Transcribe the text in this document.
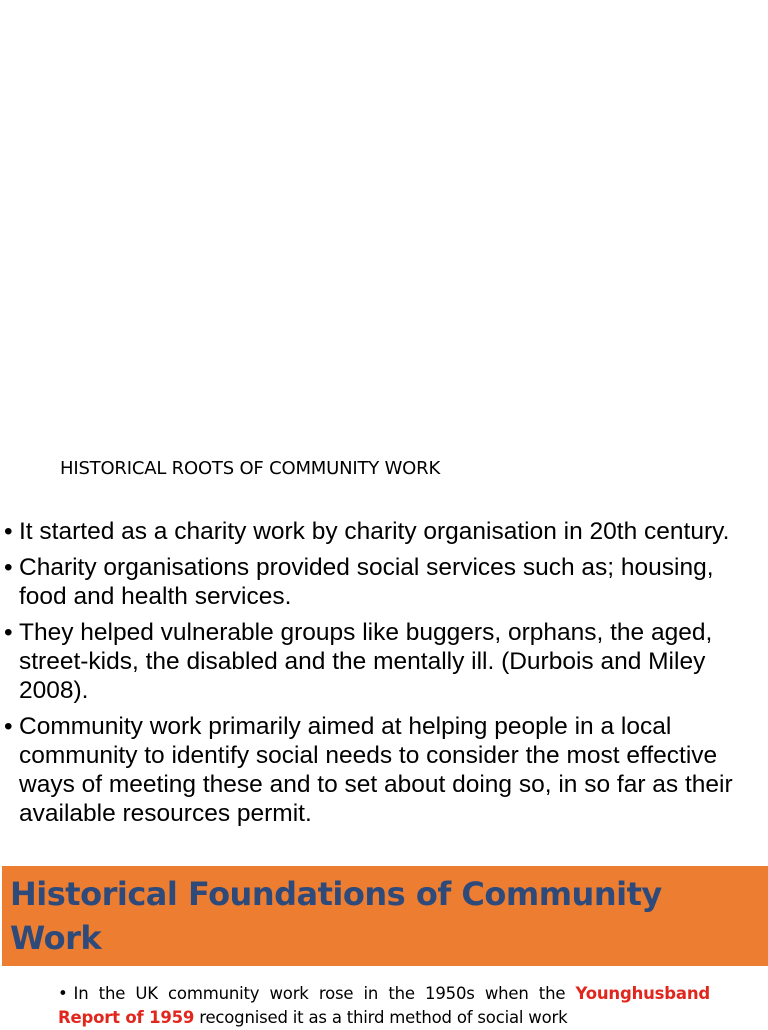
HISTORICAL ROOTS OF COMMUNITY WORK
• It started as a charity work by charity organisation in 20th century.
• Charity organisations provided social services such as; housing, food and health services.
• They helped vulnerable groups like buggers, orphans, the aged, street-kids, the disabled and the mentally ill. (Durbois and Miley 2008).
• Community work primarily aimed at helping people in a local community to identify social needs to consider the most effective ways of meeting these and to set about doing so, in so far as their available resources permit.
Historical Foundations of Community Work
• In the UK community work rose in the 1950s when the Younghusband Report of 1959 recognised it as a third method of social work
